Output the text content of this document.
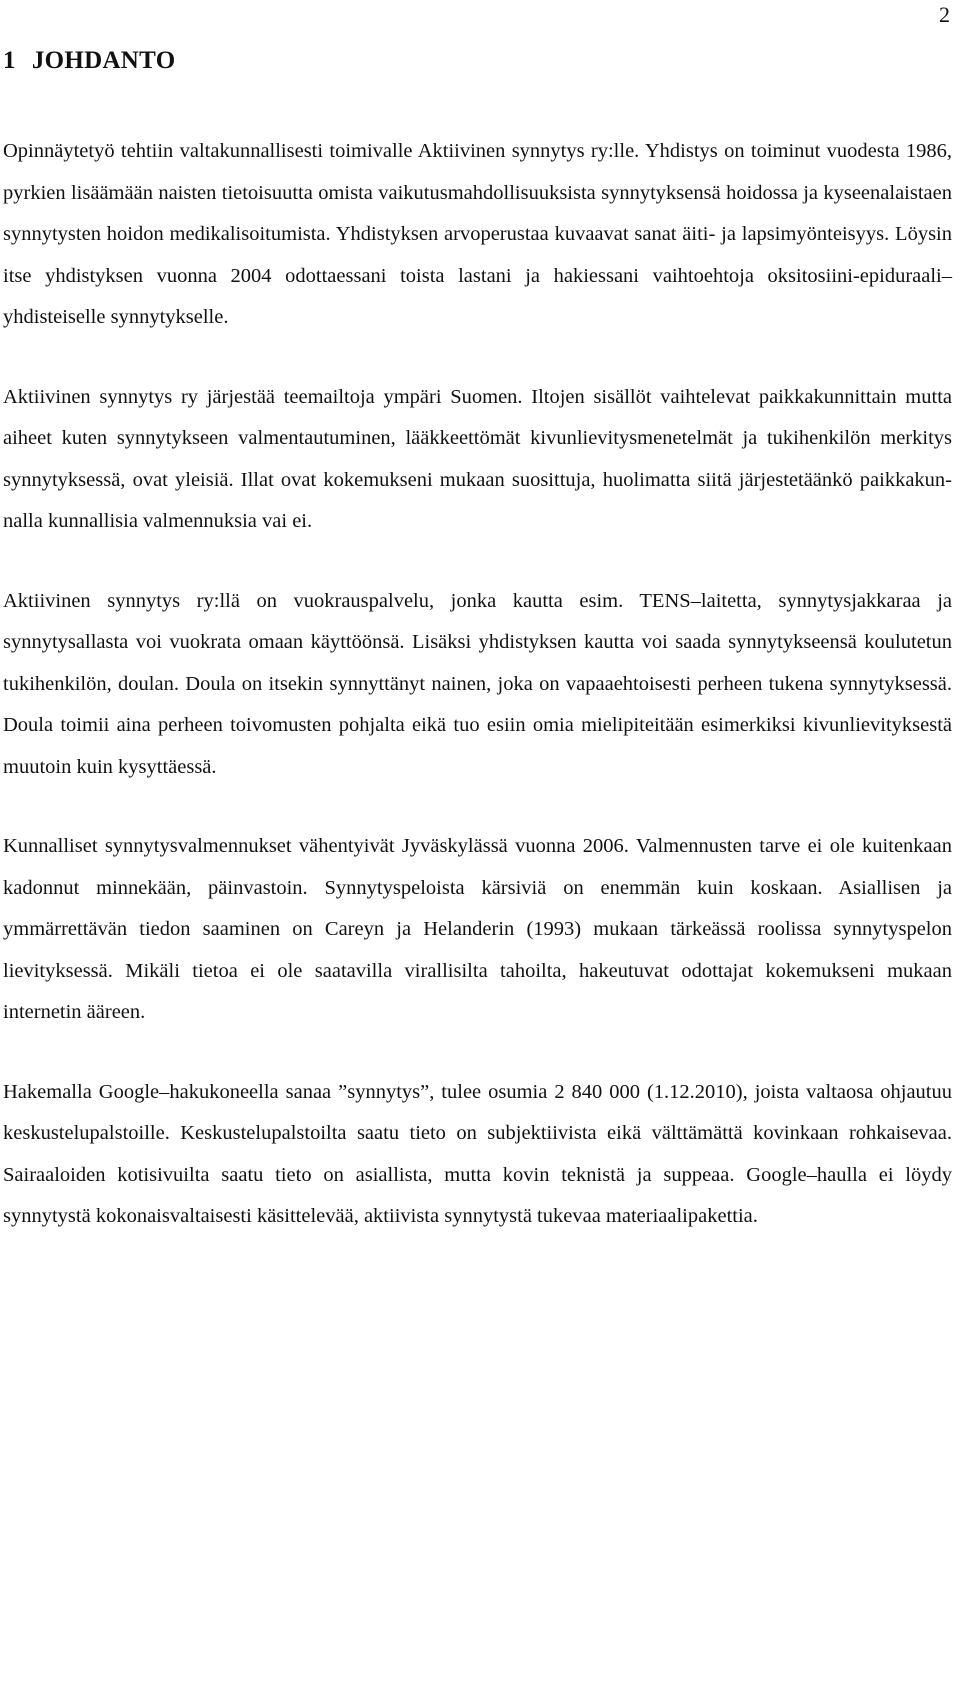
2
1 JOHDANTO

Opinnäytetyö tehtiin valtakunnallisesti toimivalle Aktiivinen synnytys ry:lle. Yhdistys on toiminut vuodesta 1986, pyrkien lisäämään naisten tietoisuutta omista vaikutusmahdollisuuksista synnytyksensä hoidossa ja kyseenalaistaen synnytysten hoidon medikalisoitumista. Yhdistyksen arvoperustaa kuvaavat sanat äiti- ja lapsimyönteisyys. Löysin itse yhdistyksen vuonna 2004 odottaessani toista lastani ja hakiessani vaihtoehtoja oksitosiini-epiduraali–yhdisteiselle synnytykselle.

Aktiivinen synnytys ry järjestää teemailtoja ympäri Suomen. Iltojen sisällöt vaihtelevat paikkakunnittain mutta aiheet kuten synnytykseen valmentautuminen, lääkkeettömät kivunlievitysmenetelmät ja tukihenkilön merkitys synnytyksessä, ovat yleisiä. Illat ovat kokemukseni mukaan suosittuja, huolimatta siitä järjestetäänkö paikkakunnalla kunnallisia valmennuksia vai ei.

Aktiivinen synnytys ry:llä on vuokrauspalvelu, jonka kautta esim. TENS–laitetta, synnytysjakkaraa ja synnytysallasta voi vuokrata omaan käyttöönsä. Lisäksi yhdistyksen kautta voi saada synnytykseensä koulutetun tukihenkilön, doulan. Doula on itsekin synnyttänyt nainen, joka on vapaaehtoisesti perheen tukena synnytyksessä. Doula toimii aina perheen toivomusten pohjalta eikä tuo esiin omia mielipiteitään esimerkiksi kivunlievityksestä muutoin kuin kysyttäessä.

Kunnalliset synnytysvalmennukset vähentyivät Jyväskylässä vuonna 2006. Valmennusten tarve ei ole kuitenkaan kadonnut minnekään, päinvastoin. Synnytyspeloista kärsiviä on enemmän kuin koskaan. Asiallisen ja ymmärrettävän tiedon saaminen on Careyn ja Helanderin (1993) mukaan tärkeässä roolissa synnytyspelon lievityksessä. Mikäli tietoa ei ole saatavilla virallisilta tahoilta, hakeutuvat odottajat kokemukseni mukaan internetin ääreen.

Hakemalla Google–hakukoneella sanaa ”synnytys”, tulee osumia 2 840 000 (1.12.2010), joista valtaosa ohjautuu keskustelupalstoille. Keskustelupalstoilta saatu tieto on subjektiivista eikä välttämättä kovinkaan rohkaisevaa. Sairaaloiden kotisivuilta saatu tieto on asiallista, mutta kovin teknistä ja suppeaa. Google–haulla ei löydy synnytystä kokonaisvaltaisesti käsittelevää, aktiivista synnytystä tukevaa materiaalipakettia.
